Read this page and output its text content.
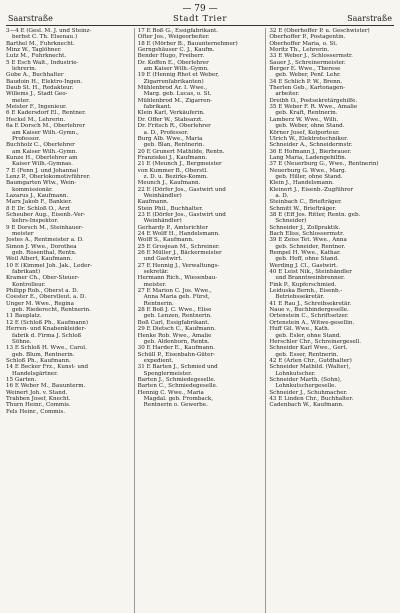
— 79 —
Saarstraße	Stadt Trier	Saarstraße
3—4 E (Gesl. M. J. und Steinz-
berbst C. Th. Elsenau.)
Barthel M., Fuhrknecht.
Minz W., Taglöhner.
Lutz M., Fuhrknecht.
5 E Esch Walt., Industrie-
lehrerin.
Gube A., Buchhalter
Baudoin H., Elektro-Ingen.
Daub St. H., Redakteur.
Willems J., Stadt Geo-
meter.
Meister F., Ingenieur.
6 E Kadersdorf El., Rentner.
Heckel M., Lehrerin.
6a E Dorsch M., Oberlehrer
am Kaiser Wilh.-Gymn.,
Professor.
Buchholz C., Oberlehrer
am Kaiser Wilh.-Gymn.
Kunze H., Oberlehrer am
Kaiser Wilh.-Gymnas.
7 E (Fenn J. und Johanna)
Lenz P., Oberlokomotivführer.
Baumgarten Wtw., Wein-
kommissionär.
Lazarus J., Kaufmann.
Marx Jakob F., Bankier.
8 E Dr. Schloß O., Arzt
Scheuber Aug., Eisenb.-Ver-
kehrs-Inspektor.
9 E Dorsch M., Steinhauer-
meister
Jostes A., Rentmeister a. D.
Simon J. Wwe., Dorothea
geb. Rosenthal, Rentn.
Weil Albert, Kaufmann.
10 E (Kimmel Joh. Jak., Leder-
fabrikant)
Kramer Ch., Ober-Steuer-
Kontrolleur.
Philipp Rob., Oberst a. D.
Coester E., Oberstleut. a. D.
Unger M. Wwe., Regina
geb. Riederecht, Rentnerin.
11 Bauplatz.
12 E (Schloß Ph., Kaufmann)
Herren- und Knabenkleider-
fabrik d. Firma J. Schloß
Söhne.
13 E Schloß H. Wwe., Carol.
geb. Blum, Rentnerin.
Schloß Ph., Kaufmann.
14 E Becker Frz., Kunst- und
Handelsgärtner.
15 Garten.
16 E Weber M., Bauunterm.
Weinert Joh. v. Stand.
Trabben Josef, Knecht.
Thurn Heinr., Commis.
Fels Heinr., Commis.
17 E Boß G., Essigfabrikant.
Ofter Jos., Weigeorbeiter.
18 E (Mörber B., Bauunternehmer)
Gerngshäuser C. J., Kaufm.
Bender Hugo, Freiherr.
Dr. Koffen E., Oberlehrer
am Kaiser Wilh.-Gymn.
19 E (Hennig Rhot et Weber,
Zigarrenfabrikanten)
Mühlenbrod Ar. I. Wwe.,
Marg. geb. Lucas, o. St.
Mühlenbrod M., Zigarren-
fabrikant.
Klein Karl, Verkäuferin.
Dr. Offer W., Stabsarzt.
Dr. Fritsch R., Oberlehrer
a. D., Professor.
Burg Alb. Wwe., Maria
geb. Blan, Rentnerin.
20 E Grunert Mathilde, Rentn.
Franziskei J., Kaufmann.
21 E (Meunch J., Bergmeister
von Kummer B., Oberstl.
z. D. u. Bezirks-Komm.
Meunch J., Kaufmann.
22 E (Dörfer Jos., Gastwirt und
Weinhändler)
Kaufmann.
Stein Phil., Buchhalter.
23 E (Dörfer Jos., Gastwirt und
Weinhändler)
Gerhardy P., Amtsrichter
24 E Wolff H., Handelsmann.
Wolff S., Kaufmann.
25 E Grosjean M., Schreiner.
26 E Müller J., Bäckermeister
und Gastwirt.
27 E Hennig J., Verwaltungs-
sekretär.
Hermann Rich., Wiesenbau-
meister.
27 E Marion C. Jos. Wwe.,
Anna Maria geb. Fürst,
Rentnerin.
28 E Boß J. C. Wwe., Elise
geb. Lenzen, Rentnerin.
Boß Carl, Essigfabrikant.
29 E Dietsch C., Kaufmann.
Henke Rob. Wwe., Amalie
geb. Aldenborn, Rentn.
30 E Harder E., Kaufmann.
Schüll P., Eisenbahn-Güter-
expedient.
31 E Barten J., Schmied und
Spenglermeister.
Barten J., Schmiedegeselle.
Barten C., Schmiedegeselle.
Hennig C. Wwe., Maria
Magdal. geb. Fromback,
Rentnerin o. Gewerbe.
32 E (Oberhoffer P. u. Geschwister)
Oberhoffer P., Postagentin.
Oberhoffer Maria, o. St.
Moritz Th., Lehrerin.
33 E Weber J., Schlossermstr.
Sauer J., Schreinermeister.
Berger E. Wwe., Therese
geb. Weber, Penf. Lehr.
34 E Schlich P. W., Brenn.
Therlen Geb., Kartonagen-
arbeiter.
Dreibh O., Postsekretärgehilfe.
35 E Weber F. R. Wwe., Amalie
geb. Kraft, Rentnerin.
Lamberz W. Wwe., Wilh.
geb. Weber, ohne Stand.
Körner Josef, Kolporteur.
Ulrich W., Elektrotechniker.
Schneider A., Schneidermstr.
36 E Hofmann J., Bierbrauer.
Lang Maria, Ladengehilfin.
37 E (Neuerburg G., Wwe., Rentnerin)
Neuerburg G. Wwe., Marg.
geb. Hiller, ohne Stand.
Klein J., Handelsmann.
Kleinert J., Eisenb.-Zugführer
a. D.
Steinbach C., Briefträger.
Schmitt W., Briefträger.
38 E (Eff Jos. Ritter, Rentn. geb.
Schneider)
Schneider J., Zollpraktik.
Bach Eliss, Schlossermstr.
39 E Zeiss Tet. Wwe., Anna
geb. Schneider, Rentner.
Rempel H. Wwe., Kathar.
geb. Hoff, ohne Stand.
Werding J. Cl., Gastwirt.
40 E Leist Nik., Steinbändler
und Branntweinbrenner.
Fink P., Kupferschmied.
Leiduska Bernh., Eisenb.-
Betriebssekretär.
41 E Rau J., Schreibsekretär.
Naue v., Buchbindergeselle.
Ortenstein C., Schriftsetzer.
Ortenstein A., Witwe-gesellin.
Huff Gil. Wwe., Kath.
geb. Esler, ohne Stand.
Herschler Chr., Schreinergesell.
Schneider Karl Wwe., Gert.
geb. Esser, Rentnerin.
42 E (Arlen Chr., Gutdhalter)
Schneider Mathild. (Walter),
Lohnkutscher.
Schneider Marth. (Sohn),
Lohnkutschergeselle.
Schneider J., Schuhmacher.
43 E Linden Chr., Buchhalter.
Cadenbach W., Kaufmann.
